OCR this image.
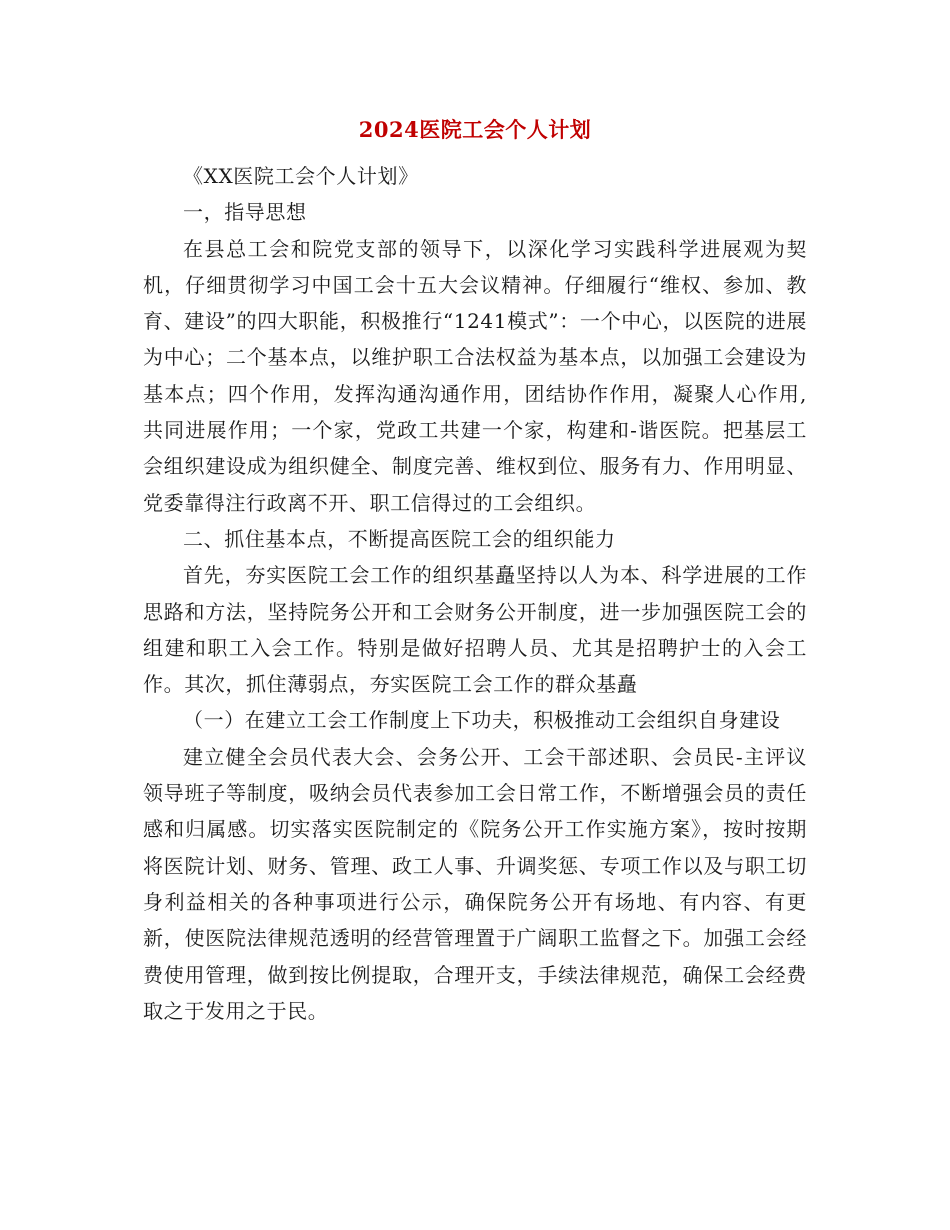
2024医院工会个人计划

《XX医院工会个人计划》

一，指导思想

在县总工会和院党支部的领导下，以深化学习实践科学进展观为契机，仔细贯彻学习中国工会十五大会议精神。仔细履行“维权、参加、教育、建设”的四大职能，积极推行“1241模式”：一个中心，以医院的进展为中心；二个基本点，以维护职工合法权益为基本点，以加强工会建设为基本点；四个作用，发挥沟通沟通作用，团结协作作用，凝聚人心作用,共同进展作用；一个家，党政工共建一个家，构建和-谐医院。把基层工会组织建设成为组织健全、制度完善、维权到位、服务有力、作用明显、党委靠得注行政离不开、职工信得过的工会组织。

二、抓住基本点，不断提高医院工会的组织能力

首先，夯实医院工会工作的组织基矗坚持以人为本、科学进展的工作思路和方法，坚持院务公开和工会财务公开制度，进一步加强医院工会的组建和职工入会工作。特别是做好招聘人员、尤其是招聘护士的入会工作。其次，抓住薄弱点，夯实医院工会工作的群众基矗

（一）在建立工会工作制度上下功夫，积极推动工会组织自身建设

建立健全会员代表大会、会务公开、工会干部述职、会员民-主评议领导班子等制度，吸纳会员代表参加工会日常工作，不断增强会员的责任感和归属感。切实落实医院制定的《院务公开工作实施方案》，按时按期将医院计划、财务、管理、政工人事、升调奖惩、专项工作以及与职工切身利益相关的各种事项进行公示，确保院务公开有场地、有内容、有更新，使医院法律规范透明的经营管理置于广阔职工监督之下。加强工会经费使用管理，做到按比例提取，合理开支，手续法律规范，确保工会经费取之于发用之于民。
